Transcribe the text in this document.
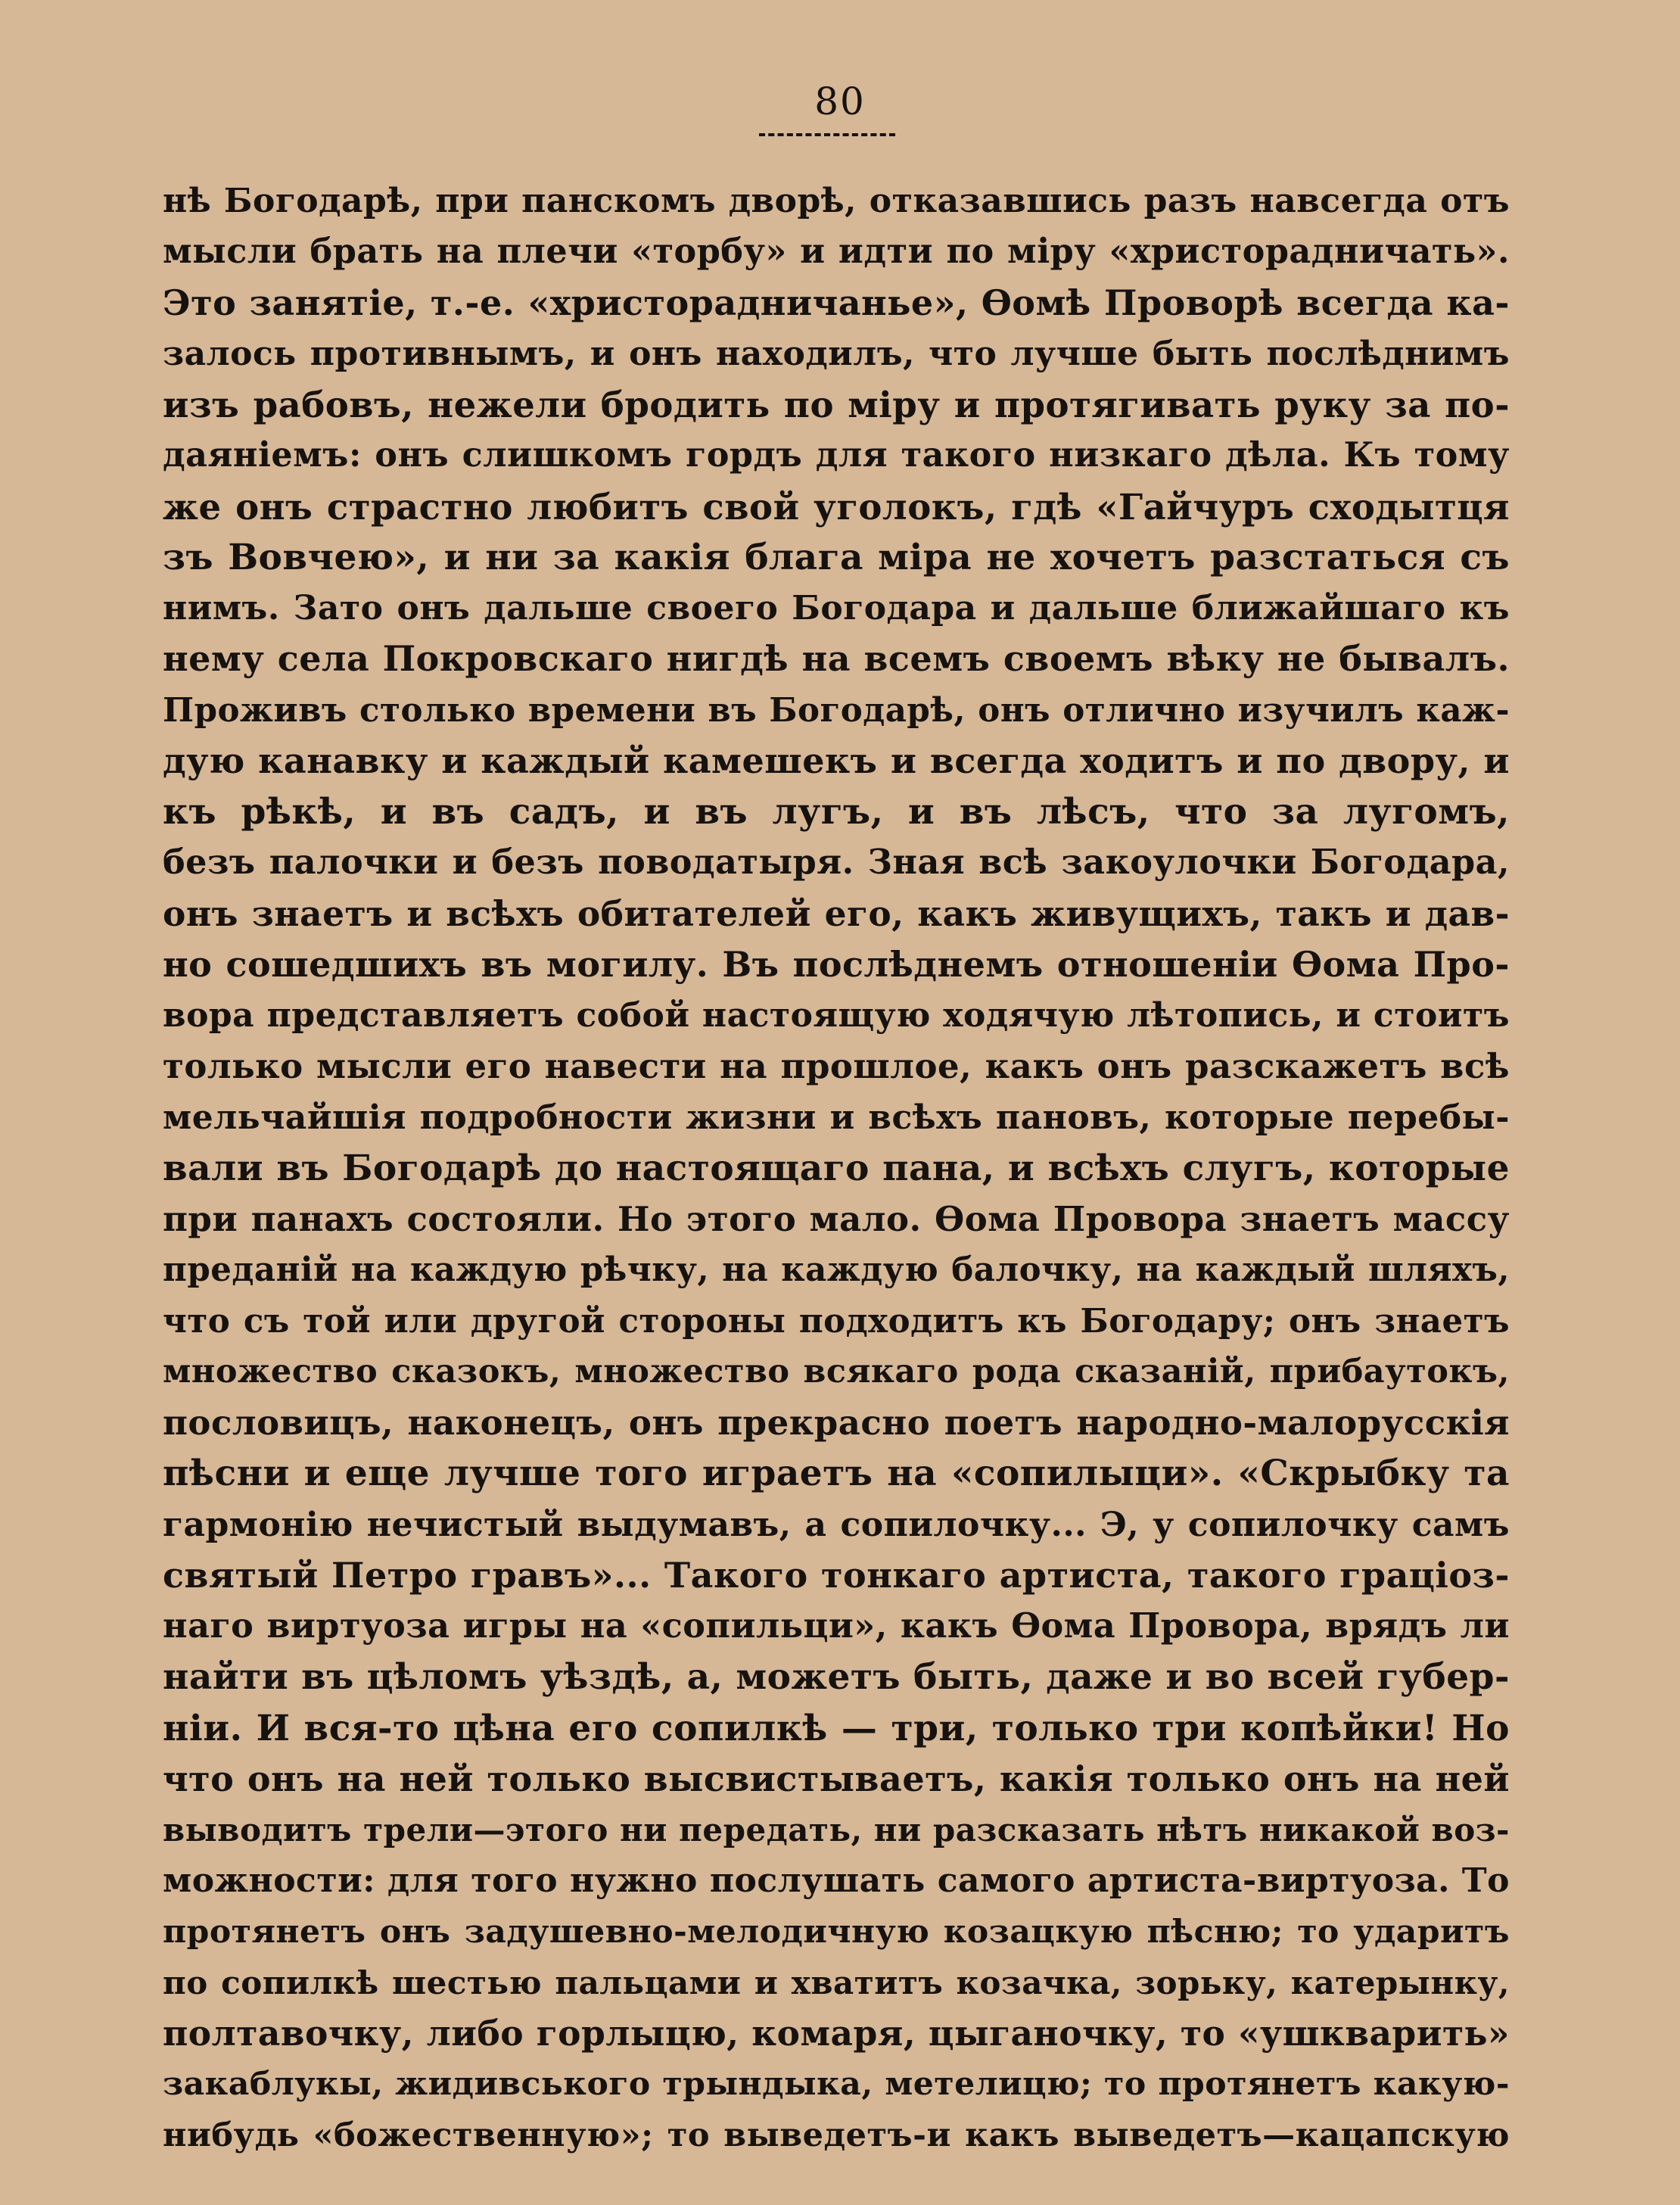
80
нѣ Богодарѣ, при панскомъ дворѣ, отказавшись разъ навсегда отъ
мысли брать на плечи «торбу» и идти по міру «христорадничать».
Это занятіе, т.-е. «христорадничанье», Ѳомѣ Проворѣ всегда ка-
залось противнымъ, и онъ находилъ, что лучше быть послѣднимъ
изъ рабовъ, нежели бродить по міру и протягивать руку за по-
даяніемъ: онъ слишкомъ гордъ для такого низкаго дѣла. Къ тому
же онъ страстно любитъ свой уголокъ, гдѣ «Гайчуръ сходытця
зъ Вовчею», и ни за какія блага міра не хочетъ разстаться съ
нимъ. Зато онъ дальше своего Богодара и дальше ближайшаго къ
нему села Покровскаго нигдѣ на всемъ своемъ вѣку не бывалъ.
Проживъ столько времени въ Богодарѣ, онъ отлично изучилъ каж-
дую канавку и каждый камешекъ и всегда ходитъ и по двору, и
къ рѣкѣ, и въ садъ, и въ лугъ, и въ лѣсъ, что за лугомъ,
безъ палочки и безъ поводатыря. Зная всѣ закоулочки Богодара,
онъ знаетъ и всѣхъ обитателей его, какъ живущихъ, такъ и дав-
но сошедшихъ въ могилу. Въ послѣднемъ отношеніи Ѳома Про-
вора представляетъ собой настоящую ходячую лѣтопись, и стоитъ
только мысли его навести на прошлое, какъ онъ разскажетъ всѣ
мельчайшія подробности жизни и всѣхъ пановъ, которые перебы-
вали въ Богодарѣ до настоящаго пана, и всѣхъ слугъ, которые
при панахъ состояли. Но этого мало. Ѳома Провора знаетъ массу
преданій на каждую рѣчку, на каждую балочку, на каждый шляхъ,
что съ той или другой стороны подходитъ къ Богодару; онъ знаетъ
множество сказокъ, множество всякаго рода сказаній, прибаутокъ,
пословицъ, наконецъ, онъ прекрасно поетъ народно-малорусскія
пѣсни и еще лучше того играетъ на «сопилыци». «Скрыбку та
гармонію нечистый выдумавъ, а сопилочку... Э, у сопилочку самъ
святый Петро гравъ»... Такого тонкаго артиста, такого граціоз-
наго виртуоза игры на «сопильци», какъ Ѳома Провора, врядъ ли
найти въ цѣломъ уѣздѣ, а, можетъ быть, даже и во всей губер-
ніи. И вся-то цѣна его сопилкѣ — три, только три копѣйки! Но
что онъ на ней только высвистываетъ, какія только онъ на ней
выводитъ трели—этого ни передать, ни разсказать нѣтъ никакой воз-
можности: для того нужно послушать самого артиста-виртуоза. То
протянетъ онъ задушевно-мелодичную козацкую пѣсню; то ударитъ
по сопилкѣ шестью пальцами и хватитъ козачка, зорьку, катерынку,
полтавочку, либо горлыцю, комаря, цыганочку, то «ушкварить»
закаблукы, жидивського трындыка, метелицю; то протянетъ какую-
нибудь «божественную»; то выведетъ-и какъ выведетъ—кацапскую
